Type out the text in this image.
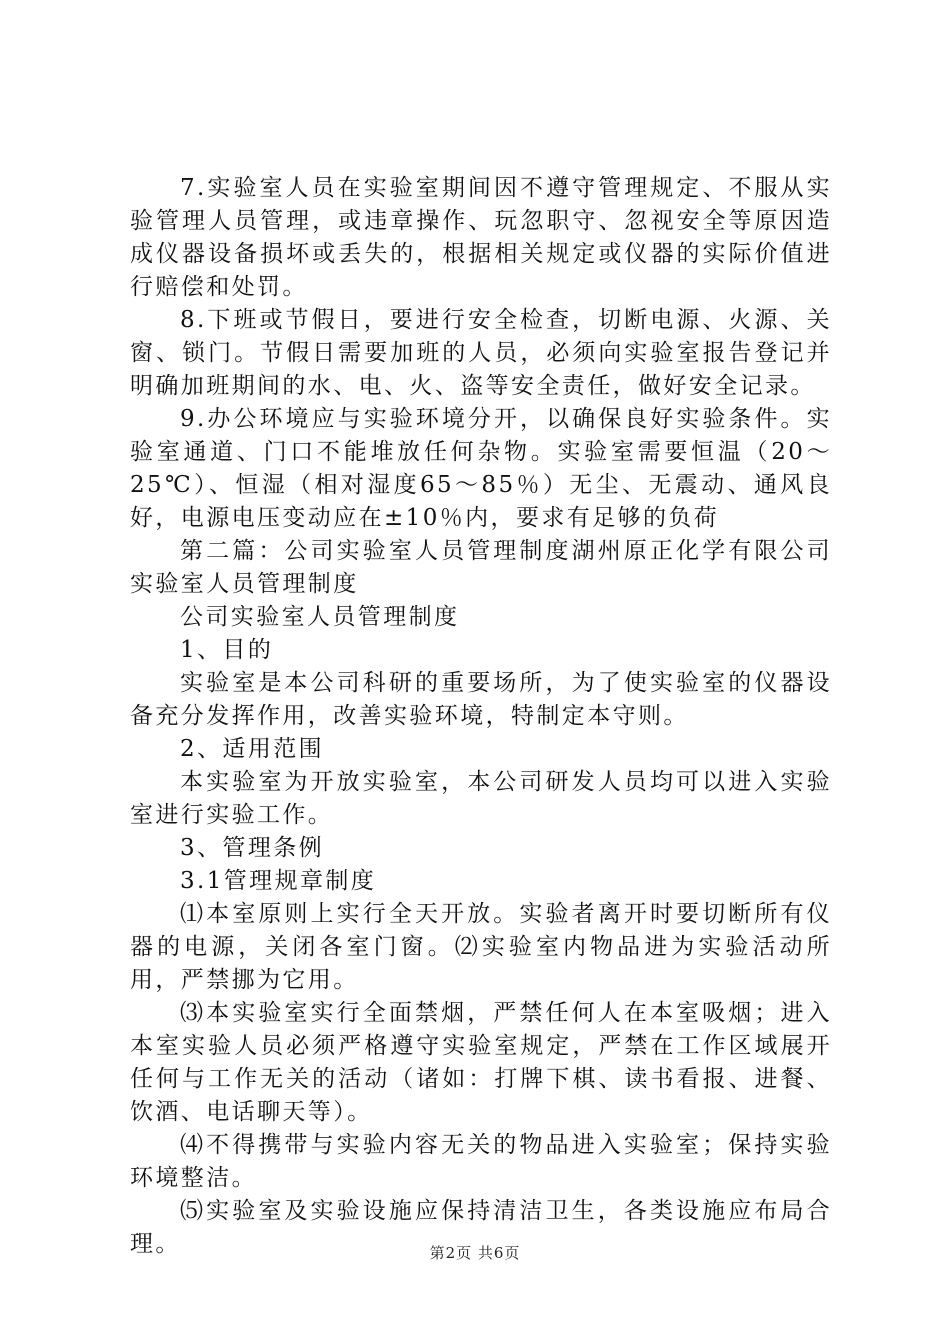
7.实验室人员在实验室期间因不遵守管理规定、不服从实验管理人员管理，或违章操作、玩忽职守、忽视安全等原因造成仪器设备损坏或丢失的，根据相关规定或仪器的实际价值进行赔偿和处罚。

8.下班或节假日，要进行安全检查，切断电源、火源、关窗、锁门。节假日需要加班的人员，必须向实验室报告登记并明确加班期间的水、电、火、盗等安全责任，做好安全记录。

9.办公环境应与实验环境分开，以确保良好实验条件。实验室通道、门口不能堆放任何杂物。实验室需要恒温（20～25℃）、恒湿（相对湿度65～85％）无尘、无震动、通风良好，电源电压变动应在±10％内，要求有足够的负荷

第二篇：公司实验室人员管理制度湖州原正化学有限公司实验室人员管理制度

公司实验室人员管理制度

1、目的

实验室是本公司科研的重要场所，为了使实验室的仪器设备充分发挥作用，改善实验环境，特制定本守则。

2、适用范围

本实验室为开放实验室，本公司研发人员均可以进入实验室进行实验工作。

3、管理条例

3.1管理规章制度

⑴本室原则上实行全天开放。实验者离开时要切断所有仪器的电源，关闭各室门窗。⑵实验室内物品进为实验活动所用，严禁挪为它用。

⑶本实验室实行全面禁烟，严禁任何人在本室吸烟；进入本室实验人员必须严格遵守实验室规定，严禁在工作区域展开任何与工作无关的活动（诸如：打牌下棋、读书看报、进餐、饮酒、电话聊天等）。

⑷不得携带与实验内容无关的物品进入实验室；保持实验环境整洁。

⑸实验室及实验设施应保持清洁卫生，各类设施应布局合理。	第2页 共6页
